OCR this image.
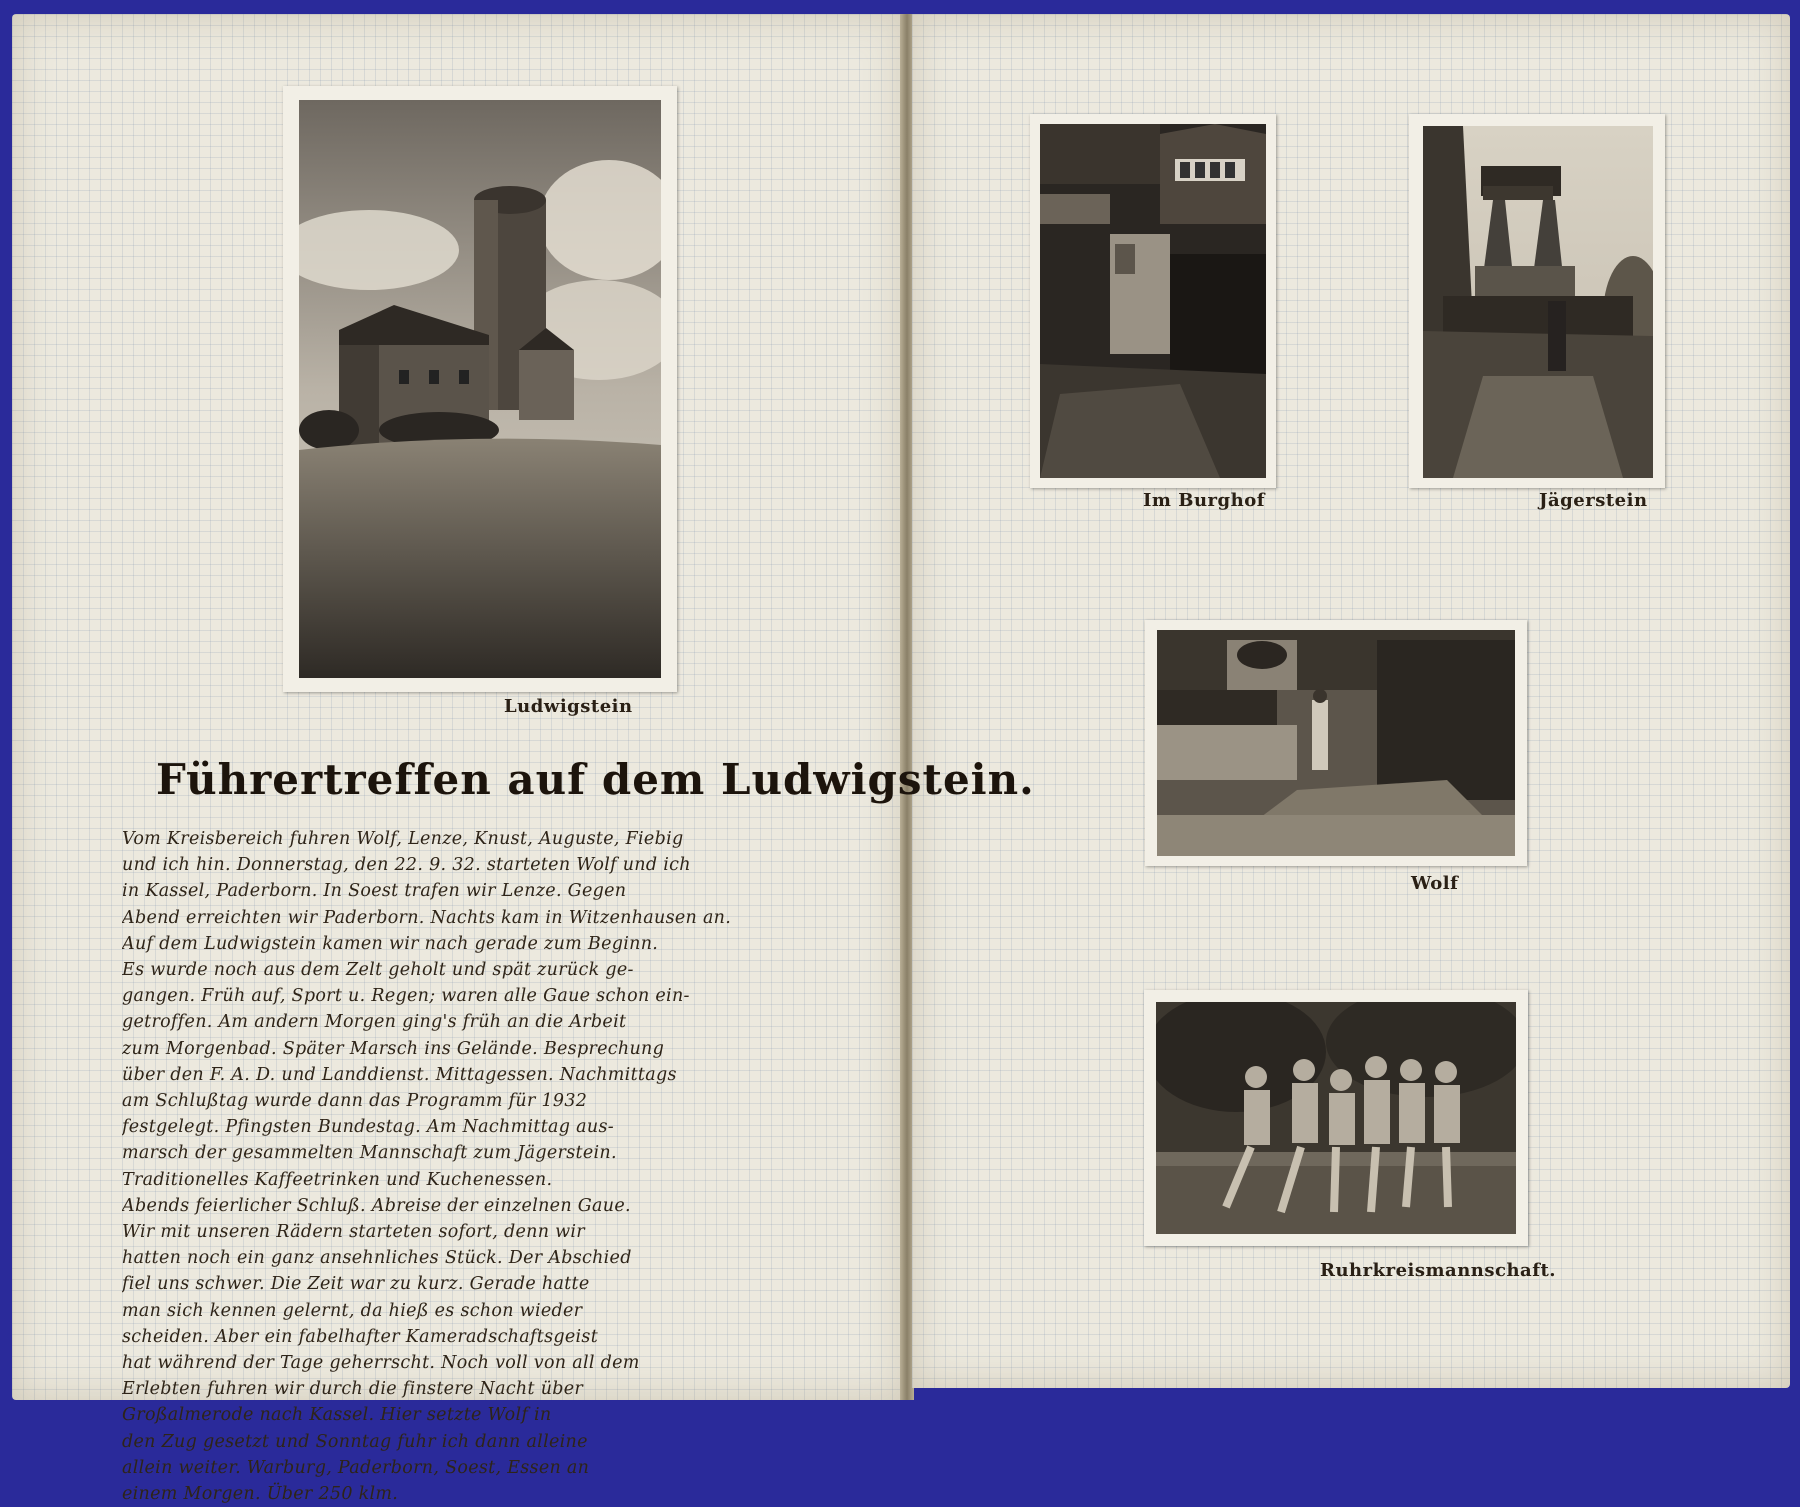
Ludwigstein
Führertreffen auf dem Ludwigstein.
Vom Kreisbereich fuhren Wolf, Lenze, Knust, Auguste, Fiebig
und ich hin. Donnerstag, den 22. 9. 32. starteten Wolf und ich
in Kassel, Paderborn. In Soest trafen wir Lenze. Gegen
Abend erreichten wir Paderborn. Nachts kam in Witzenhausen an.
Auf dem Ludwigstein kamen wir nach gerade zum Beginn.
Es wurde noch aus dem Zelt geholt und spät zurück ge-
gangen. Früh auf, Sport u. Regen; waren alle Gaue schon ein-
getroffen. Am andern Morgen ging's früh an die Arbeit
zum Morgenbad. Später Marsch ins Gelände. Besprechung
über den F. A. D. und Landdienst. Mittagessen. Nachmittags
am Schlußtag wurde dann das Programm für 1932
festgelegt. Pfingsten Bundestag. Am Nachmittag aus-
marsch der gesammelten Mannschaft zum Jägerstein.
Traditionelles Kaffeetrinken und Kuchenessen.
Abends feierlicher Schluß. Abreise der einzelnen Gaue.
Wir mit unseren Rädern starteten sofort, denn wir
hatten noch ein ganz ansehnliches Stück. Der Abschied
fiel uns schwer. Die Zeit war zu kurz. Gerade hatte
man sich kennen gelernt, da hieß es schon wieder
scheiden. Aber ein fabelhafter Kameradschaftsgeist
hat während der Tage geherrscht. Noch voll von all dem
Erlebten fuhren wir durch die finstere Nacht über
Großalmerode nach Kassel. Hier setzte Wolf in
den Zug gesetzt und Sonntag fuhr ich dann alleine
allein weiter. Warburg, Paderborn, Soest, Essen an
einem Morgen. Über 250 klm.
Im Burghof	Jägerstein
Wolf
Ruhrkreismannschaft.
